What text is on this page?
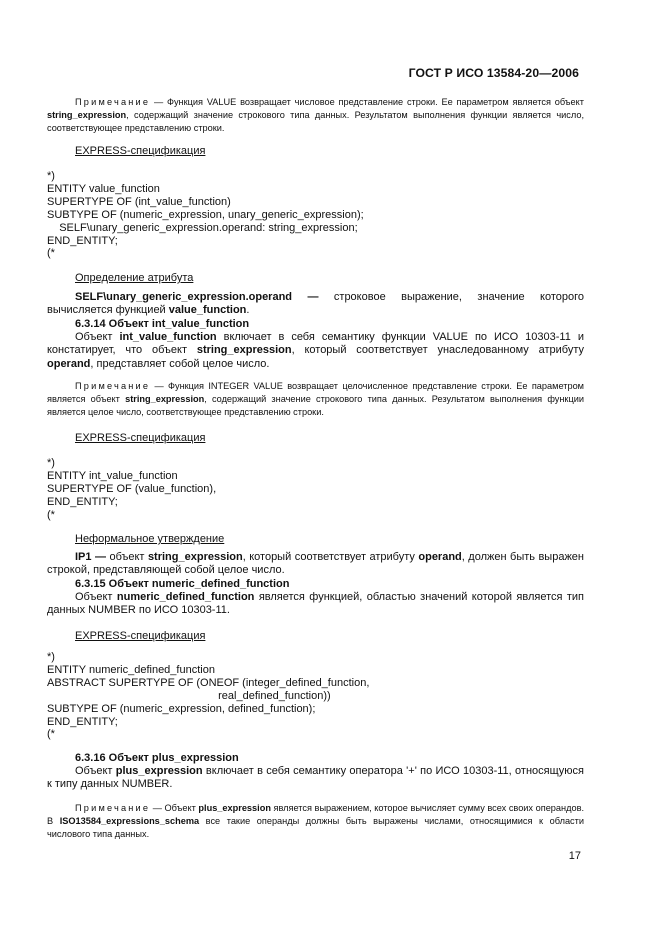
ГОСТ Р ИСО 13584-20—2006
Примечание — Функция VALUE возвращает числовое представление строки. Ее параметром является объект string_expression, содержащий значение строкового типа данных. Результатом выполнения функции является число, соответствующее представлению строки.
EXPRESS-спецификация
*)
ENTITY value_function
SUPERTYPE OF (int_value_function)
SUBTYPE OF (numeric_expression, unary_generic_expression);
SELF\unary_generic_expression.operand: string_expression;
END_ENTITY;
(*
Определение атрибута
SELF\unary_generic_expression.operand — строковое выражение, значение которого вычисляется функцией value_function.
6.3.14 Объект int_value_function
Объект int_value_function включает в себя семантику функции VALUE по ИСО 10303-11 и констатирует, что объект string_expression, который соответствует унаследованному атрибуту operand, представляет собой целое число.
Примечание — Функция INTEGER VALUE возвращает целочисленное представление строки. Ее параметром является объект string_expression, содержащий значение строкового типа данных. Результатом выполнения функции является целое число, соответствующее представлению строки.
EXPRESS-спецификация
*)
ENTITY int_value_function
SUPERTYPE OF (value_function),
END_ENTITY;
(*
Неформальное утверждение
IP1 — объект string_expression, который соответствует атрибуту operand, должен быть выражен строкой, представляющей собой целое число.
6.3.15 Объект numeric_defined_function
Объект numeric_defined_function является функцией, областью значений которой является тип данных NUMBER по ИСО 10303-11.
EXPRESS-спецификация
*)
ENTITY numeric_defined_function
ABSTRACT SUPERTYPE OF (ONEOF (integer_defined_function,
real_defined_function))
SUBTYPE OF (numeric_expression, defined_function);
END_ENTITY;
(*
6.3.16 Объект plus_expression
Объект plus_expression включает в себя семантику оператора '+' по ИСО 10303-11, относящуюся к типу данных NUMBER.
Примечание — Объект plus_expression является выражением, которое вычисляет сумму всех своих операндов. В ISO13584_expressions_schema все такие операнды должны быть выражены числами, относящимися к области числового типа данных.
17
